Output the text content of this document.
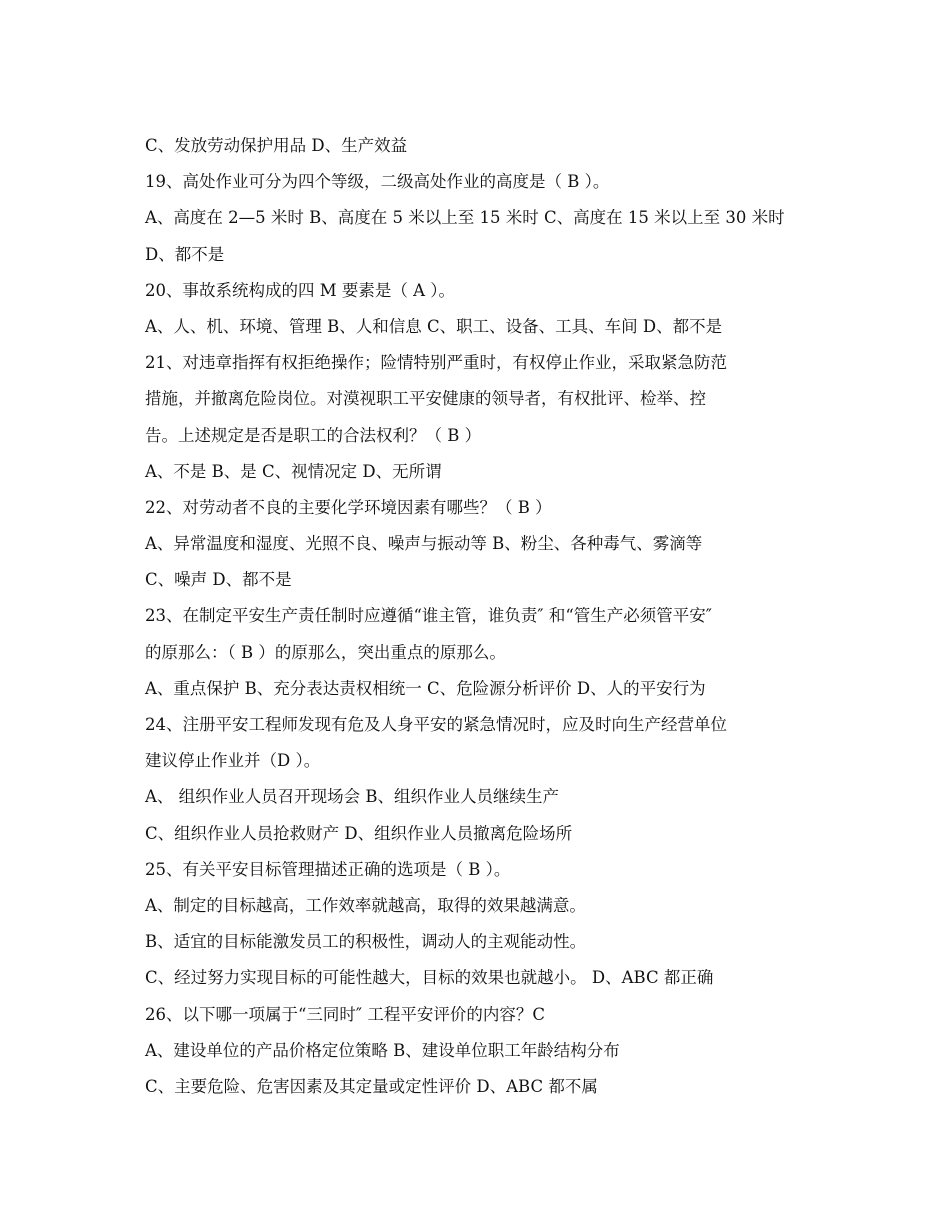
C、发放劳动保护用品 D、生产效益
19、高处作业可分为四个等级，二级高处作业的高度是（ B ）。
A、高度在 2—5 米时 B、高度在 5 米以上至 15 米时 C、高度在 15 米以上至 30 米时
D、都不是
20、事故系统构成的四 M 要素是（ A ）。
A、人、机、环境、管理 B、人和信息 C、职工、设备、工具、车间 D、都不是
21、对违章指挥有权拒绝操作；险情特别严重时，有权停止作业，采取紧急防范
措施，并撤离危险岗位。对漠视职工平安健康的领导者，有权批评、检举、控
告。上述规定是否是职工的合法权利？（ B ）
A、不是 B、是 C、视情况定 D、无所谓
22、对劳动者不良的主要化学环境因素有哪些？（ B ）
A、异常温度和湿度、光照不良、噪声与振动等 B、粉尘、各种毒气、雾滴等
C、噪声 D、都不是
23、在制定平安生产责任制时应遵循“谁主管，谁负责″ 和“管生产必须管平安″
的原那么：（ B ）的原那么，突出重点的原那么。
A、重点保护 B、充分表达责权相统一 C、危险源分析评价 D、人的平安行为
24、注册平安工程师发现有危及人身平安的紧急情况时，应及时向生产经营单位
建议停止作业并（D ）。
A、 组织作业人员召开现场会 B、组织作业人员继续生产
C、组织作业人员抢救财产 D、组织作业人员撤离危险场所
25、有关平安目标管理描述正确的选项是（ B ）。
A、制定的目标越高，工作效率就越高，取得的效果越满意。
B、适宜的目标能激发员工的积极性，调动人的主观能动性。
C、经过努力实现目标的可能性越大，目标的效果也就越小。 D、ABC 都正确
26、以下哪一项属于“三同时″ 工程平安评价的内容？C
A、建设单位的产品价格定位策略 B、建设单位职工年龄结构分布
C、主要危险、危害因素及其定量或定性评价 D、ABC 都不属
